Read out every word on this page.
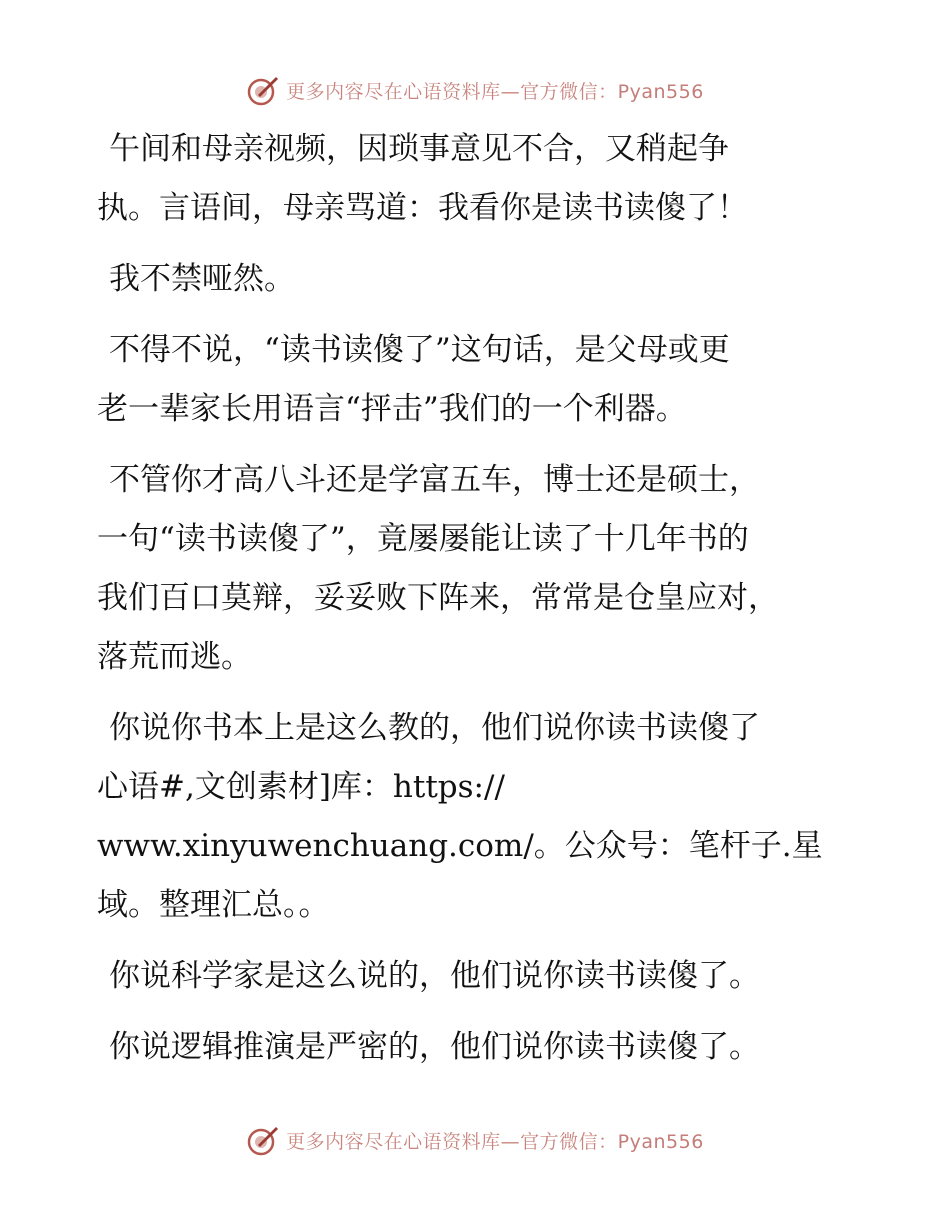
更多内容尽在心语资料库—官方微信：Pyan556

午间和母亲视频，因琐事意见不合，又稍起争
执。言语间，母亲骂道：我看你是读书读傻了！

我不禁哑然。

不得不说，“读书读傻了”这句话，是父母或更
老一辈家长用语言“抨击”我们的一个利器。

不管你才高八斗还是学富五车，博士还是硕士，
一句“读书读傻了”，竟屡屡能让读了十几年书的
我们百口莫辩，妥妥败下阵来，常常是仓皇应对，
落荒而逃。

你说你书本上是这么教的，他们说你读书读傻了
心语#,文创素材]库：https://
www.xinyuwenchuang.com/。公众号：笔杆子.星
域。整理汇总。。

你说科学家是这么说的，他们说你读书读傻了。

你说逻辑推演是严密的，他们说你读书读傻了。

更多内容尽在心语资料库—官方微信：Pyan556
